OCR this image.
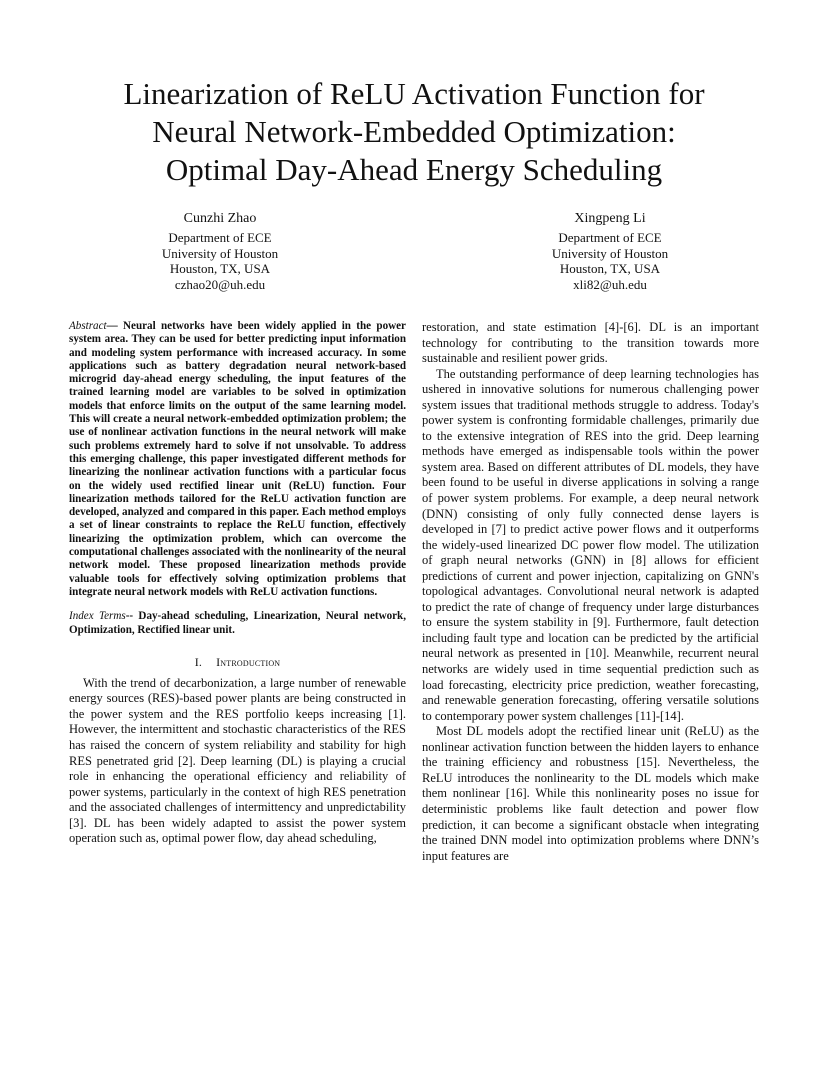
Linearization of ReLU Activation Function for
Neural Network-Embedded Optimization:
Optimal Day-Ahead Energy Scheduling
Cunzhi Zhao
Department of ECE
University of Houston
Houston, TX, USA
czhao20@uh.edu
Xingpeng Li
Department of ECE
University of Houston
Houston, TX, USA
xli82@uh.edu

Abstract— Neural networks have been widely applied in the power system area. They can be used for better predicting input information and modeling system performance with increased accuracy. In some applications such as battery degradation neural network-based microgrid day-ahead energy scheduling, the input features of the trained learning model are variables to be solved in optimization models that enforce limits on the output of the same learning model. This will create a neural network-embedded optimization problem; the use of nonlinear activation functions in the neural network will make such problems extremely hard to solve if not unsolvable. To address this emerging challenge, this paper investigated different methods for linearizing the nonlinear activation functions with a particular focus on the widely used rectified linear unit (ReLU) function. Four linearization methods tailored for the ReLU activation function are developed, analyzed and compared in this paper. Each method employs a set of linear constraints to replace the ReLU function, effectively linearizing the optimization problem, which can overcome the computational challenges associated with the nonlinearity of the neural network model. These proposed linearization methods provide valuable tools for effectively solving optimization problems that integrate neural network models with ReLU activation functions.

Index Terms-- Day-ahead scheduling, Linearization, Neural network, Optimization, Rectified linear unit.

I. Introduction

With the trend of decarbonization, a large number of renewable energy sources (RES)-based power plants are being constructed in the power system and the RES portfolio keeps increasing [1]. However, the intermittent and stochastic characteristics of the RES has raised the concern of system reliability and stability for high RES penetrated grid [2]. Deep learning (DL) is playing a crucial role in enhancing the operational efficiency and reliability of power systems, particularly in the context of high RES penetration and the associated challenges of intermittency and unpredictability [3]. DL has been widely adapted to assist the power system operation such as, optimal power flow, day ahead scheduling,

restoration, and state estimation [4]-[6]. DL is an important technology for contributing to the transition towards more sustainable and resilient power grids.

The outstanding performance of deep learning technologies has ushered in innovative solutions for numerous challenging power system issues that traditional methods struggle to address. Today's power system is confronting formidable challenges, primarily due to the extensive integration of RES into the grid. Deep learning methods have emerged as indispensable tools within the power system area. Based on different attributes of DL models, they have been found to be useful in diverse applications in solving a range of power system problems. For example, a deep neural network (DNN) consisting of only fully connected dense layers is developed in [7] to predict active power flows and it outperforms the widely-used linearized DC power flow model. The utilization of graph neural networks (GNN) in [8] allows for efficient predictions of current and power injection, capitalizing on GNN's topological advantages. Convolutional neural network is adapted to predict the rate of change of frequency under large disturbances to ensure the system stability in [9]. Furthermore, fault detection including fault type and location can be predicted by the artificial neural network as presented in [10]. Meanwhile, recurrent neural networks are widely used in time sequential prediction such as load forecasting, electricity price prediction, weather forecasting, and renewable generation forecasting, offering versatile solutions to contemporary power system challenges [11]-[14].

Most DL models adopt the rectified linear unit (ReLU) as the nonlinear activation function between the hidden layers to enhance the training efficiency and robustness [15]. Nevertheless, the ReLU introduces the nonlinearity to the DL models which make them nonlinear [16]. While this nonlinearity poses no issue for deterministic problems like fault detection and power flow prediction, it can become a significant obstacle when integrating the trained DNN model into optimization problems where DNN’s input features are
